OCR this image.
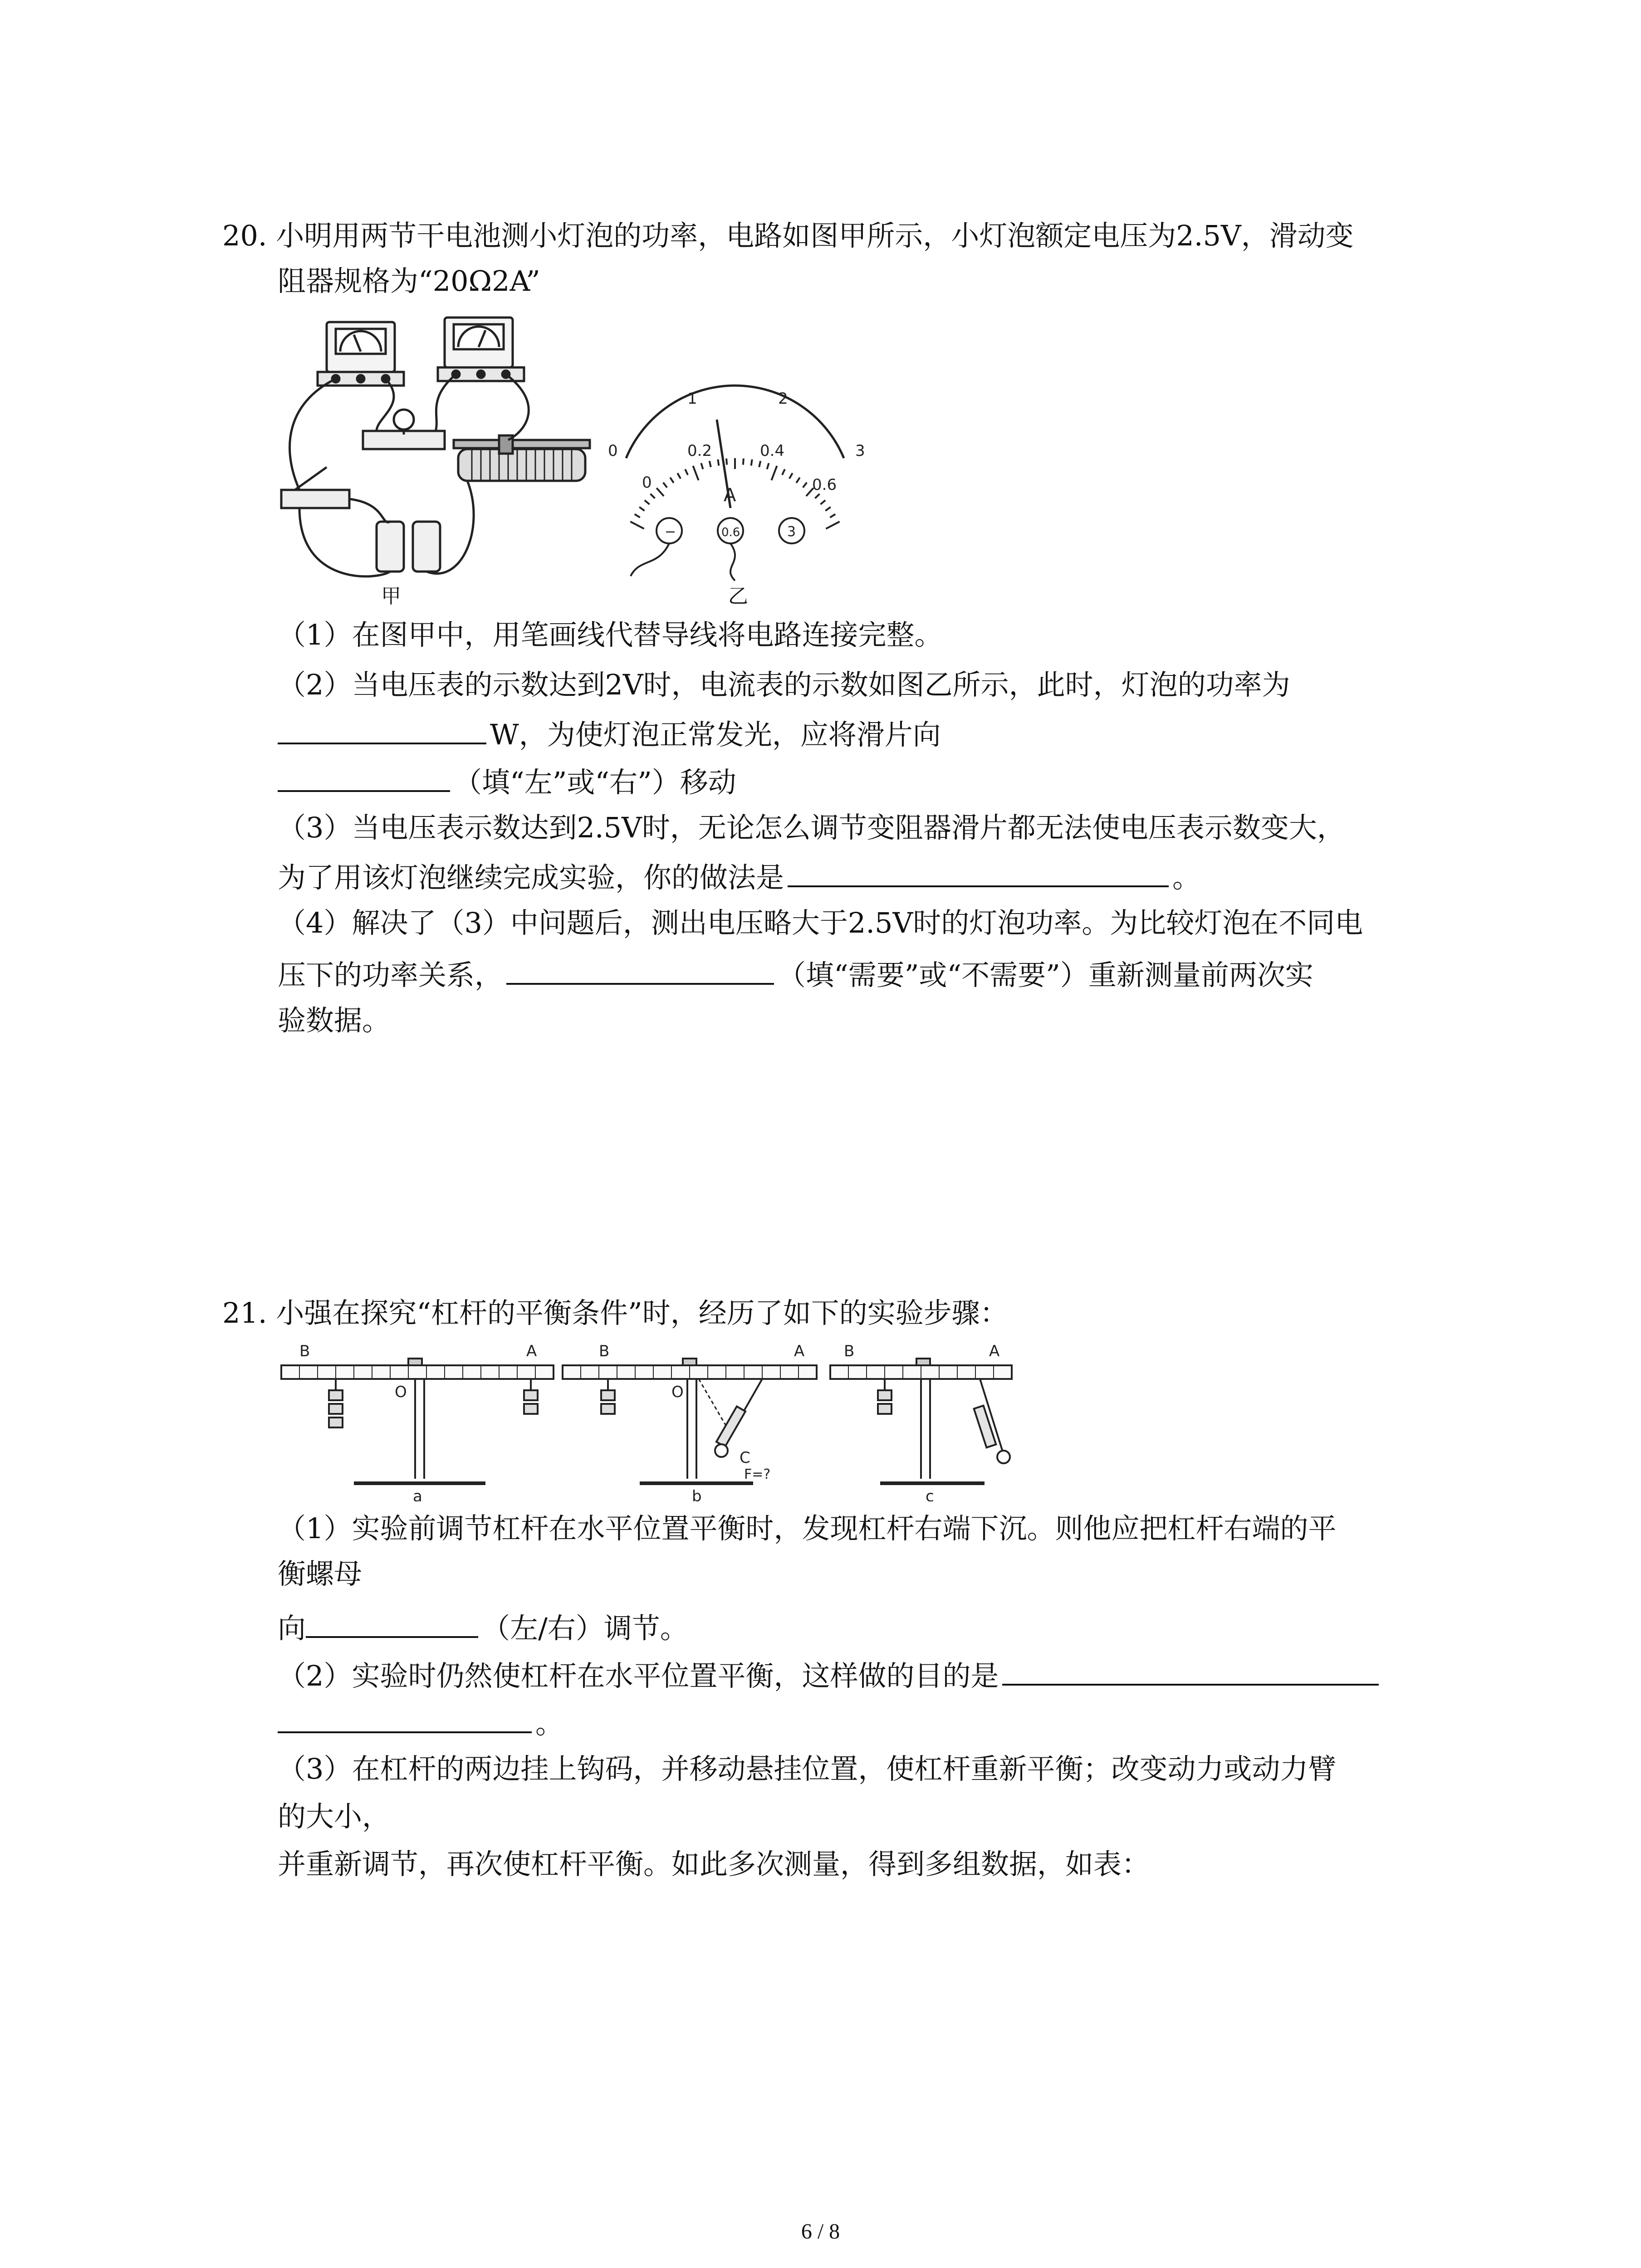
20. 小明用两节干电池测小灯泡的功率，电路如图甲所示，小灯泡额定电压为2.5V，滑动变
阻器规格为“20Ω2A”
甲
0
1	2
3
0
0.2	0.4
0.6
A
−	0.6	3
乙
（1）在图甲中，用笔画线代替导线将电路连接完整。
（2）当电压表的示数达到2V时，电流表的示数如图乙所示，此时，灯泡的功率为
W，为使灯泡正常发光，应将滑片向
（填“左”或“右”）移动
（3）当电压表示数达到2.5V时，无论怎么调节变阻器滑片都无法使电压表示数变大，
为了用该灯泡继续完成实验，你的做法是	。
（4）解决了（3）中问题后，测出电压略大于2.5V时的灯泡功率。为比较灯泡在不同电
压下的功率关系，	（填“需要”或“不需要”）重新测量前两次实
验数据。
21. 小强在探究“杠杆的平衡条件”时，经历了如下的实验步骤：
B	A
O
a
B	A
O
C
F=?
b
B	A
c
（1）实验前调节杠杆在水平位置平衡时，发现杠杆右端下沉。则他应把杠杆右端的平
衡螺母
向	（左/右）调节。
（2）实验时仍然使杠杆在水平位置平衡，这样做的目的是
。
（3）在杠杆的两边挂上钩码，并移动悬挂位置，使杠杆重新平衡；改变动力或动力臂
的大小，
并重新调节，再次使杠杆平衡。如此多次测量，得到多组数据，如表：
6 / 8
